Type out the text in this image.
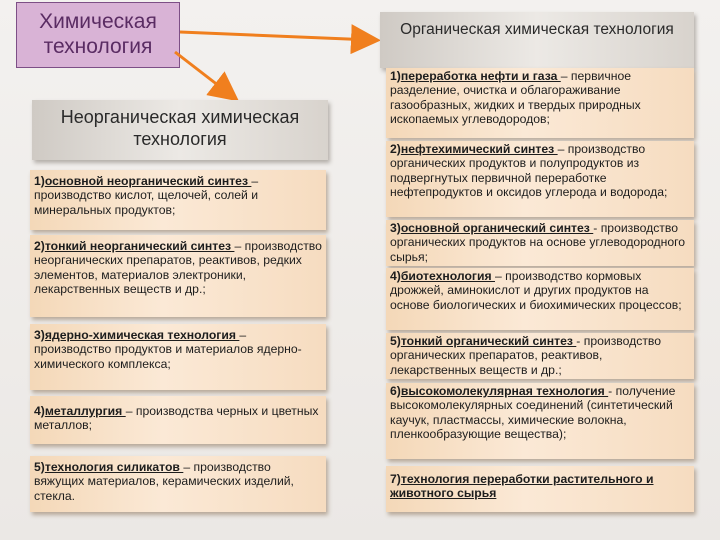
Химическая технология
Неорганическая химическая технология
1)основной неорганический синтез – производство кислот, щелочей, солей и минеральных продуктов;
2)тонкий неорганический синтез – производство неорганических препаратов, реактивов, редких элементов, материалов электроники, лекарственных веществ и др.;
3)ядерно-химическая технология – производство продуктов и материалов ядерно-химического комплекса;
4)металлургия – производства черных и цветных металлов;
5)технология силикатов – производство вяжущих материалов, керамических изделий, стекла.
Органическая химическая технология
1)переработка нефти и газа – первичное разделение, очистка и облагораживание газообразных, жидких и твердых природных ископаемых углеводородов;
2)нефтехимический синтез – производство органических продуктов и полупродуктов из подвергнутых первичной переработке нефтепродуктов и оксидов углерода и водорода;
3)основной органический синтез - производство органических продуктов на основе углеводородного сырья;
4)биотехнология – производство кормовых дрожжей, аминокислот и других продуктов на основе биологических и биохимических процессов;
5)тонкий органический синтез - производство органических препаратов, реактивов, лекарственных веществ и др.;
6)высокомолекулярная технология - получение высокомолекулярных соединений (синтетический каучук, пластмассы, химические волокна, пленкообразующие вещества);
7)технология переработки растительного и животного сырья
